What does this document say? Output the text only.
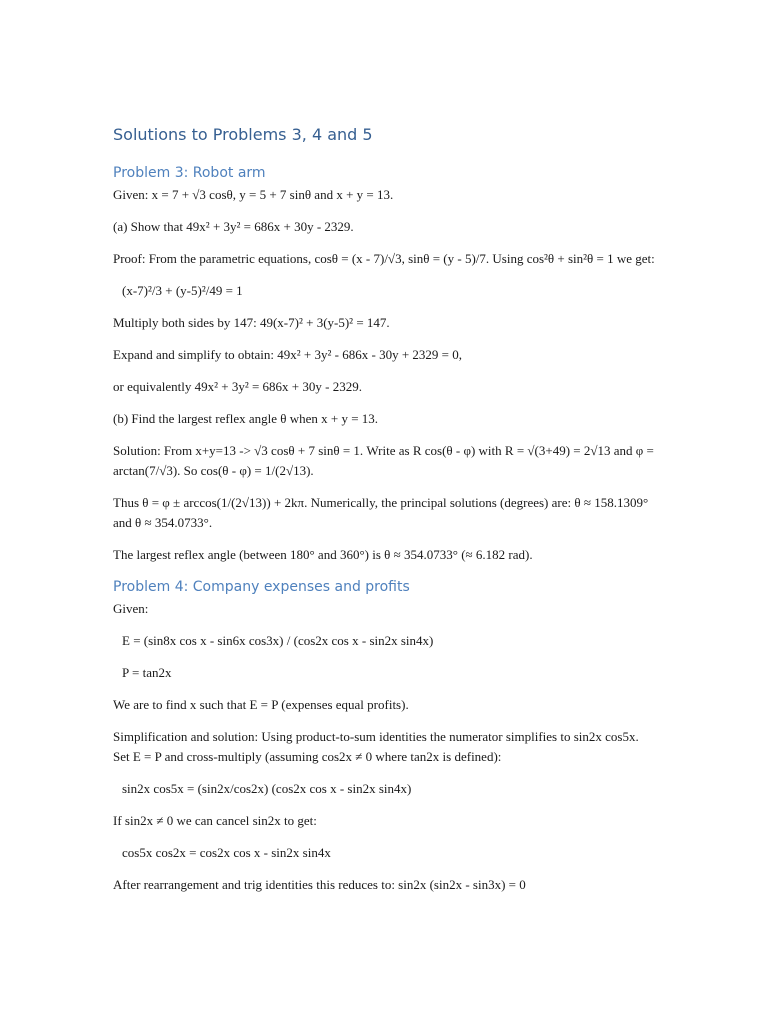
Solutions to Problems 3, 4 and 5
Problem 3: Robot arm

Given: x = 7 + √3 cosθ, y = 5 + 7 sinθ and x + y = 13.

(a) Show that 49x² + 3y² = 686x + 30y - 2329.

Proof: From the parametric equations, cosθ = (x - 7)/√3, sinθ = (y - 5)/7. Using cos²θ + sin²θ = 1 we get:

(x-7)²/3 + (y-5)²/49 = 1

Multiply both sides by 147: 49(x-7)² + 3(y-5)² = 147.

Expand and simplify to obtain: 49x² + 3y² - 686x - 30y + 2329 = 0,

or equivalently 49x² + 3y² = 686x + 30y - 2329.

(b) Find the largest reflex angle θ when x + y = 13.

Solution: From x+y=13 -> √3 cosθ + 7 sinθ = 1. Write as R cos(θ - φ) with R = √(3+49) = 2√13 and φ = arctan(7/√3). So cos(θ - φ) = 1/(2√13).

Thus θ = φ ± arccos(1/(2√13)) + 2kπ. Numerically, the principal solutions (degrees) are: θ ≈ 158.1309° and θ ≈ 354.0733°.

The largest reflex angle (between 180° and 360°) is θ ≈ 354.0733° (≈ 6.182 rad).

Problem 4: Company expenses and profits

Given:

E = (sin8x cos x - sin6x cos3x) / (cos2x cos x - sin2x sin4x)

P = tan2x

We are to find x such that E = P (expenses equal profits).

Simplification and solution: Using product-to-sum identities the numerator simplifies to sin2x cos5x. Set E = P and cross-multiply (assuming cos2x ≠ 0 where tan2x is defined):

sin2x cos5x = (sin2x/cos2x) (cos2x cos x - sin2x sin4x)

If sin2x ≠ 0 we can cancel sin2x to get:

cos5x cos2x = cos2x cos x - sin2x sin4x

After rearrangement and trig identities this reduces to: sin2x (sin2x - sin3x) = 0
